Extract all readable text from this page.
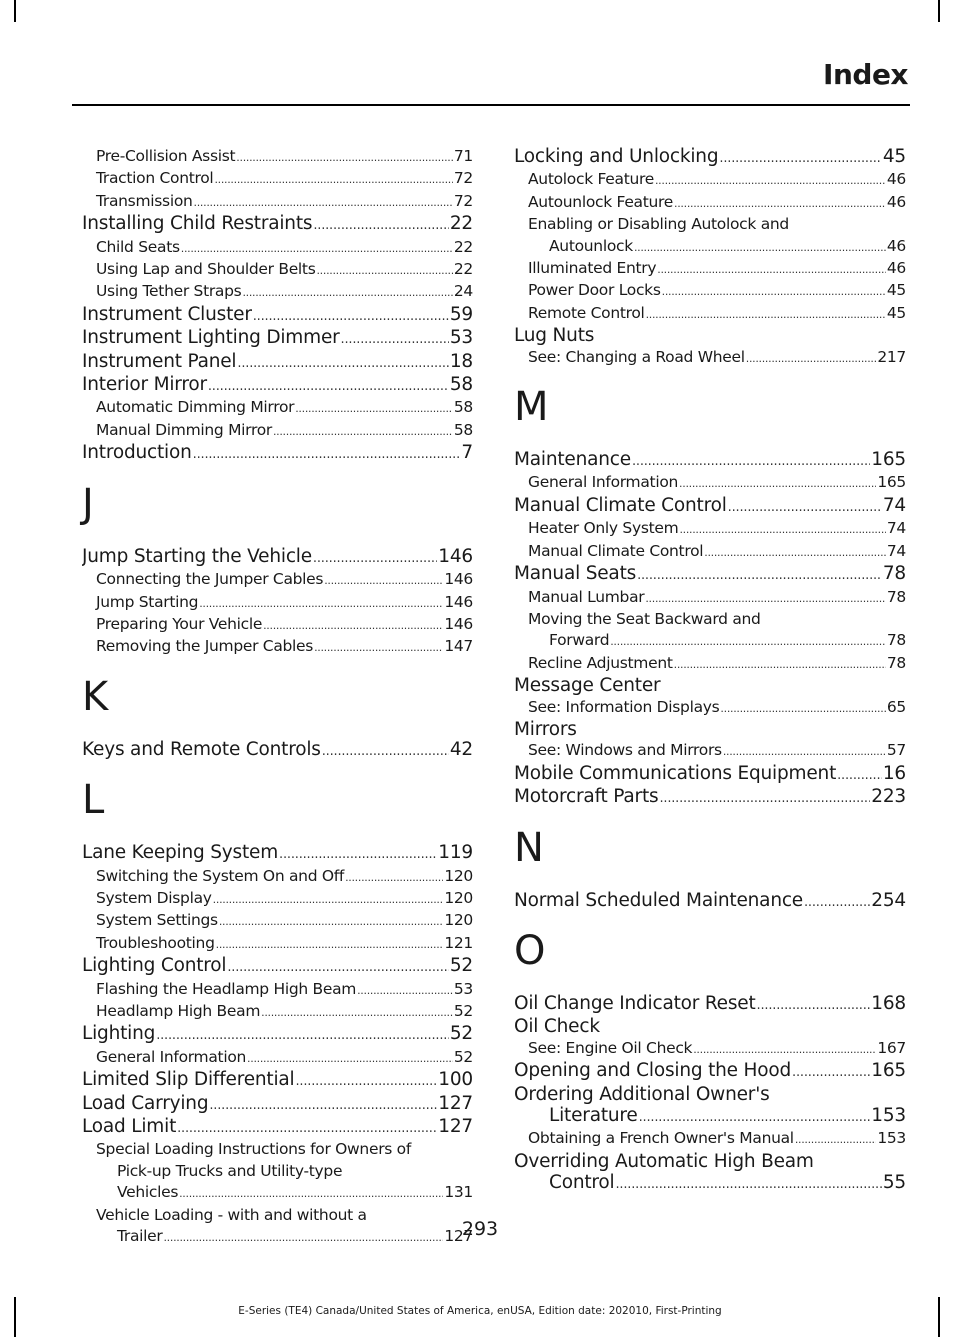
Index
Pre-Collision Assist .....	71
Traction Control .....	72
Transmission .....	72
Installing Child Restraints .....	22
Child Seats .....	22
Using Lap and Shoulder Belts .....	22
Using Tether Straps .....	24
Instrument Cluster .....	59
Instrument Lighting Dimmer .....	53
Instrument Panel .....	18
Interior Mirror .....	58
Automatic Dimming Mirror .....	58
Manual Dimming Mirror .....	58
Introduction .....	7
J
Jump Starting the Vehicle .....	146
Connecting the Jumper Cables .....	146
Jump Starting .....	146
Preparing Your Vehicle .....	146
Removing the Jumper Cables .....	147
K
Keys and Remote Controls .....	42
L
Lane Keeping System .....	119
Switching the System On and Off .....	120
System Display .....	120
System Settings .....	120
Troubleshooting .....	121
Lighting Control .....	52
Flashing the Headlamp High Beam .....	53
Headlamp High Beam .....	52
Lighting .....	52
General Information .....	52
Limited Slip Differential .....	100
Load Carrying .....	127
Load Limit .....	127
Special Loading Instructions for Owners of
Pick-up Trucks and Utility-type
Vehicles .....	131
Vehicle Loading - with and without a
Trailer .....	127
Locking and Unlocking .....	45
Autolock Feature .....	46
Autounlock Feature .....	46
Enabling or Disabling Autolock and
Autounlock .....	46
Illuminated Entry .....	46
Power Door Locks .....	45
Remote Control .....	45
Lug Nuts
See: Changing a Road Wheel .....	217
M
Maintenance .....	165
General Information .....	165
Manual Climate Control .....	74
Heater Only System .....	74
Manual Climate Control .....	74
Manual Seats .....	78
Manual Lumbar .....	78
Moving the Seat Backward and
Forward .....	78
Recline Adjustment .....	78
Message Center
See: Information Displays .....	65
Mirrors
See: Windows and Mirrors .....	57
Mobile Communications Equipment .....	16
Motorcraft Parts .....	223
N
Normal Scheduled Maintenance .....	254
O
Oil Change Indicator Reset .....	168
Oil Check
See: Engine Oil Check .....	167
Opening and Closing the Hood .....	165
Ordering Additional Owner's
Literature .....	153
Obtaining a French Owner's Manual .....	153
Overriding Automatic High Beam
Control .....	55
293
E-Series (TE4) Canada/United States of America, enUSA, Edition date: 202010, First-Printing
